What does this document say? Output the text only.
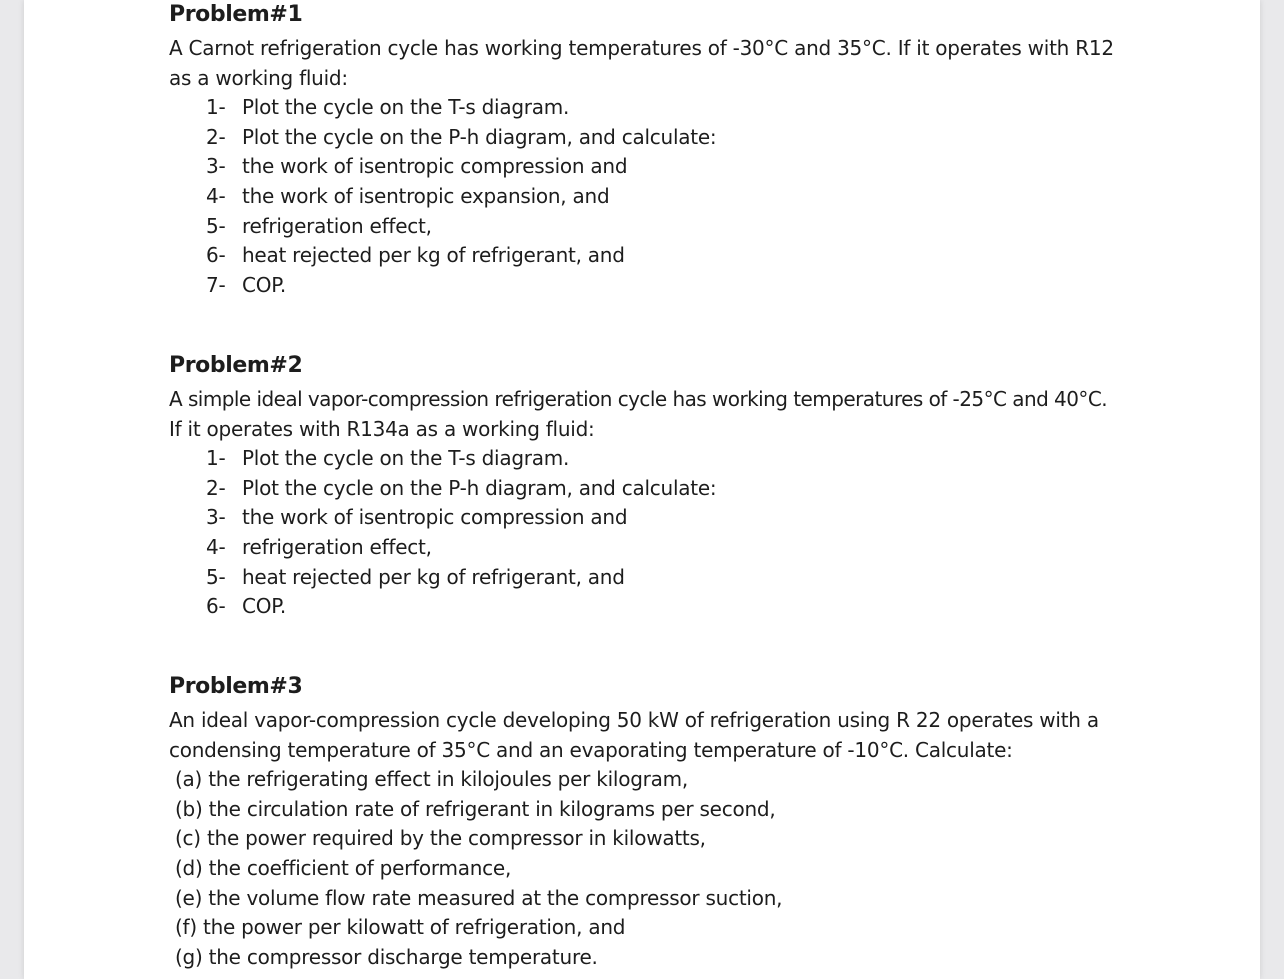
Problem#1
A Carnot refrigeration cycle has working temperatures of -30°C and 35°C. If it operates with R12
as a working fluid:
1- Plot the cycle on the T-s diagram.
2- Plot the cycle on the P-h diagram, and calculate:
3- the work of isentropic compression and
4- the work of isentropic expansion, and
5- refrigeration effect,
6- heat rejected per kg of refrigerant, and
7- COP.
Problem#2
A simple ideal vapor-compression refrigeration cycle has working temperatures of -25°C and 40°C.
If it operates with R134a as a working fluid:
1- Plot the cycle on the T-s diagram.
2- Plot the cycle on the P-h diagram, and calculate:
3- the work of isentropic compression and
4- refrigeration effect,
5- heat rejected per kg of refrigerant, and
6- COP.
Problem#3
An ideal vapor-compression cycle developing 50 kW of refrigeration using R 22 operates with a
condensing temperature of 35°C and an evaporating temperature of -10°C. Calculate:
(a) the refrigerating effect in kilojoules per kilogram,
(b) the circulation rate of refrigerant in kilograms per second,
(c) the power required by the compressor in kilowatts,
(d) the coefficient of performance,
(e) the volume flow rate measured at the compressor suction,
(f) the power per kilowatt of refrigeration, and
(g) the compressor discharge temperature.
